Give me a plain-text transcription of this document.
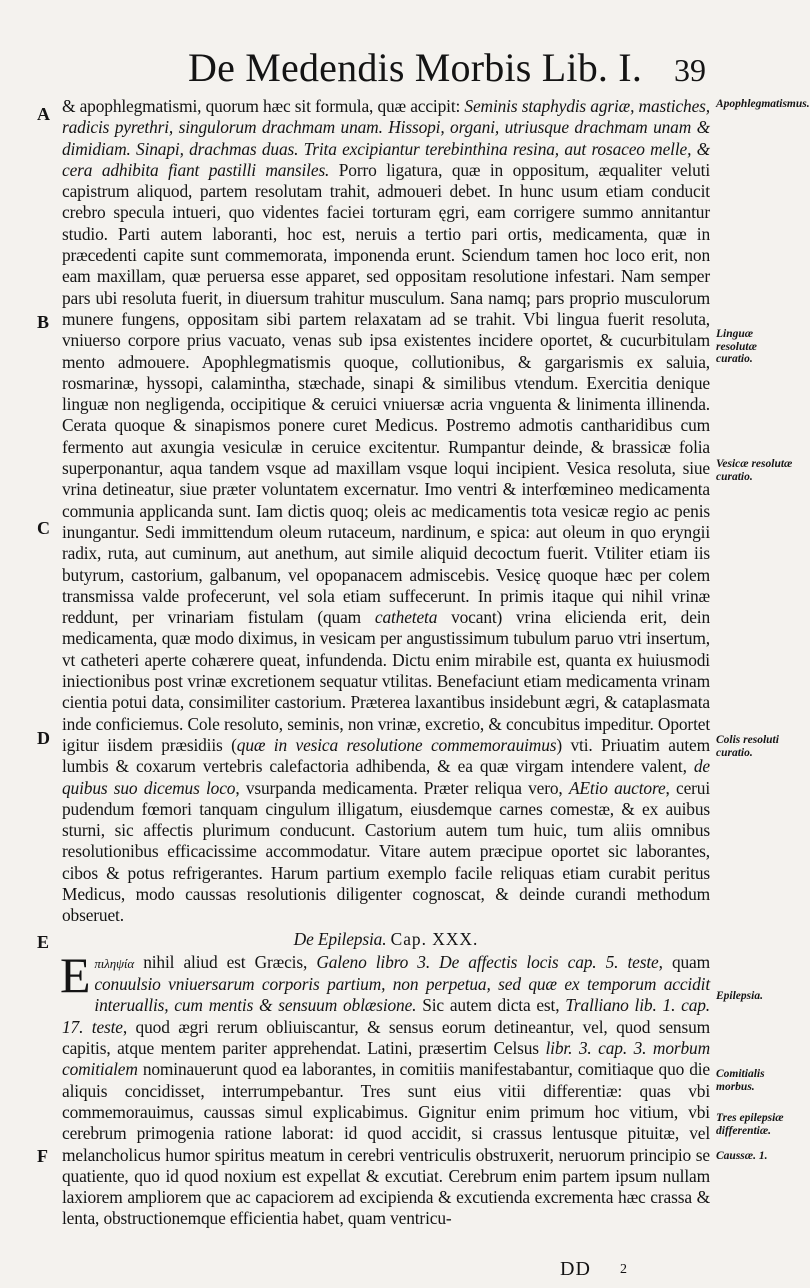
De Medendis Morbis Lib. I. 39
A
B
C
D
E
F
Apophlegmatismus.
Linguæ resolutæ curatio.
Vesicæ resolutæ curatio.
Colis resoluti curatio.
Epilepsia.
Comitialis morbus.
Tres epilepsiæ differentiæ.
Caussæ. 1.

& apophlegmatismi, quorum hæc sit formula, quæ accipit: Seminis staphydis agriæ, mastiches, radicis pyrethri, singulorum drachmam unam. Hissopi, organi, utriusque drachmam unam & dimidiam. Sinapi, drachmas duas. Trita excipiantur terebinthina resina, aut rosaceo melle, & cera adhibita fiant pastilli mansiles. Porro ligatura, quæ in oppositum, æqualiter veluti capistrum aliquod, partem resolutam trahit, admoueri debet. In hunc usum etiam conducit crebro specula intueri, quo videntes faciei torturam ęgri, eam corrigere summo annitantur studio. Parti autem laboranti, hoc est, neruis a tertio pari ortis, medicamenta, quæ in præcedenti capite sunt commemorata, imponenda erunt. Sciendum tamen hoc loco erit, non eam maxillam, quæ peruersa esse apparet, sed oppositam resolutione infestari. Nam semper pars ubi resoluta fuerit, in diuersum trahitur musculum. Sana namq; pars proprio musculorum munere fungens, oppositam sibi partem relaxatam ad se trahit. Vbi lingua fuerit resoluta, vniuerso corpore prius vacuato, venas sub ipsa existentes incidere oportet, & cucurbitulam mento admouere. Apophlegmatismis quoque, collutionibus, & gargarismis ex saluia, rosmarinæ, hyssopi, calamintha, stæchade, sinapi & similibus vtendum. Exercitia denique linguæ non negligenda, occipitique & ceruici vniuersæ acria vnguenta & linimenta illinenda. Cerata quoque & sinapismos ponere curet Medicus. Postremo admotis cantharidibus cum fermento aut axungia vesiculæ in ceruice excitentur. Rumpantur deinde, & brassicæ folia superponantur, aqua tandem vsque ad maxillam vsque loqui incipient. Vesica resoluta, siue vrina detineatur, siue præter voluntatem excernatur. Imo ventri & interfœmineo medicamenta communia applicanda sunt. Iam dictis quoq; oleis ac medicamentis tota vesicæ regio ac penis inungantur. Sedi immittendum oleum rutaceum, nardinum, e spica: aut oleum in quo eryngii radix, ruta, aut cuminum, aut anethum, aut simile aliquid decoctum fuerit. Vtiliter etiam iis butyrum, castorium, galbanum, vel opopanacem admiscebis. Vesicę quoque hæc per colem transmissa valde profecerunt, vel sola etiam suffecerunt. In primis itaque qui nihil vrinæ reddunt, per vrinariam fistulam (quam catheteta vocant) vrina elicienda erit, dein medicamenta, quæ modo diximus, in vesicam per angustissimum tubulum paruo vtri insertum, vt catheteri aperte cohærere queat, infundenda. Dictu enim mirabile est, quanta ex huiusmodi iniectionibus post vrinæ excretionem sequatur vtilitas. Benefaciunt etiam medicamenta vrinam cientia potui data, consimiliter castorium. Præterea laxantibus insidebunt ægri, & cataplasmata inde conficiemus. Cole resoluto, seminis, non vrinæ, excretio, & concubitus impeditur. Oportet igitur iisdem præsidiis (quæ in vesica resolutione commemorauimus) vti. Priuatim autem lumbis & coxarum vertebris calefactoria adhibenda, & ea quæ virgam intendere valent, de quibus suo dicemus loco, vsurpanda medicamenta. Præter reliqua vero, AEtio auctore, cerui pudendum fœmori tanquam cingulum illigatum, eiusdemque carnes comestæ, & ex auibus sturni, sic affectis plurimum conducunt. Castorium autem tum huic, tum aliis omnibus resolutionibus efficacissime accommodatur. Vitare autem præcipue oportet sic laborantes, cibos & potus refrigerantes. Harum partium exemplo facile reliquas etiam curabit peritus Medicus, modo caussas resolutionis diligenter cognoscat, & deinde curandi methodum obseruet.

De Epilepsia. Cap. XXX.

Eπιληψία nihil aliud est Græcis, Galeno libro 3. De affectis locis cap. 5. teste, quam conuulsio vniuersarum corporis partium, non perpetua, sed quæ ex temporum accidit interuallis, cum mentis & sensuum oblæsione. Sic autem dicta est, Tralliano lib. 1. cap. 17. teste, quod ægri rerum obliuiscantur, & sensus eorum detineantur, vel, quod sensum capitis, atque mentem pariter apprehendat. Latini, præsertim Celsus libr. 3. cap. 3. morbum comitialem nominauerunt quod ea laborantes, in comitiis manifestabantur, comitiaque quo die aliquis concidisset, interrumpebantur. Tres sunt eius vitii differentiæ: quas vbi commemorauimus, caussas simul explicabimus. Gignitur enim primum hoc vitium, vbi cerebrum primogenia ratione laborat: id quod accidit, si crassus lentusque pituitæ, vel melancholicus humor spiritus meatum in cerebri ventriculis obstruxerit, neruorum principio se quatiente, quo id quod noxium est expellat & excutiat. Cerebrum enim partem ipsum nullam laxiorem ampliorem que ac capaciorem ad excipienda & excutienda excrementa hæc crassa & lenta, obstructionemque efficientia habet, quam ventricu-

DD 2
